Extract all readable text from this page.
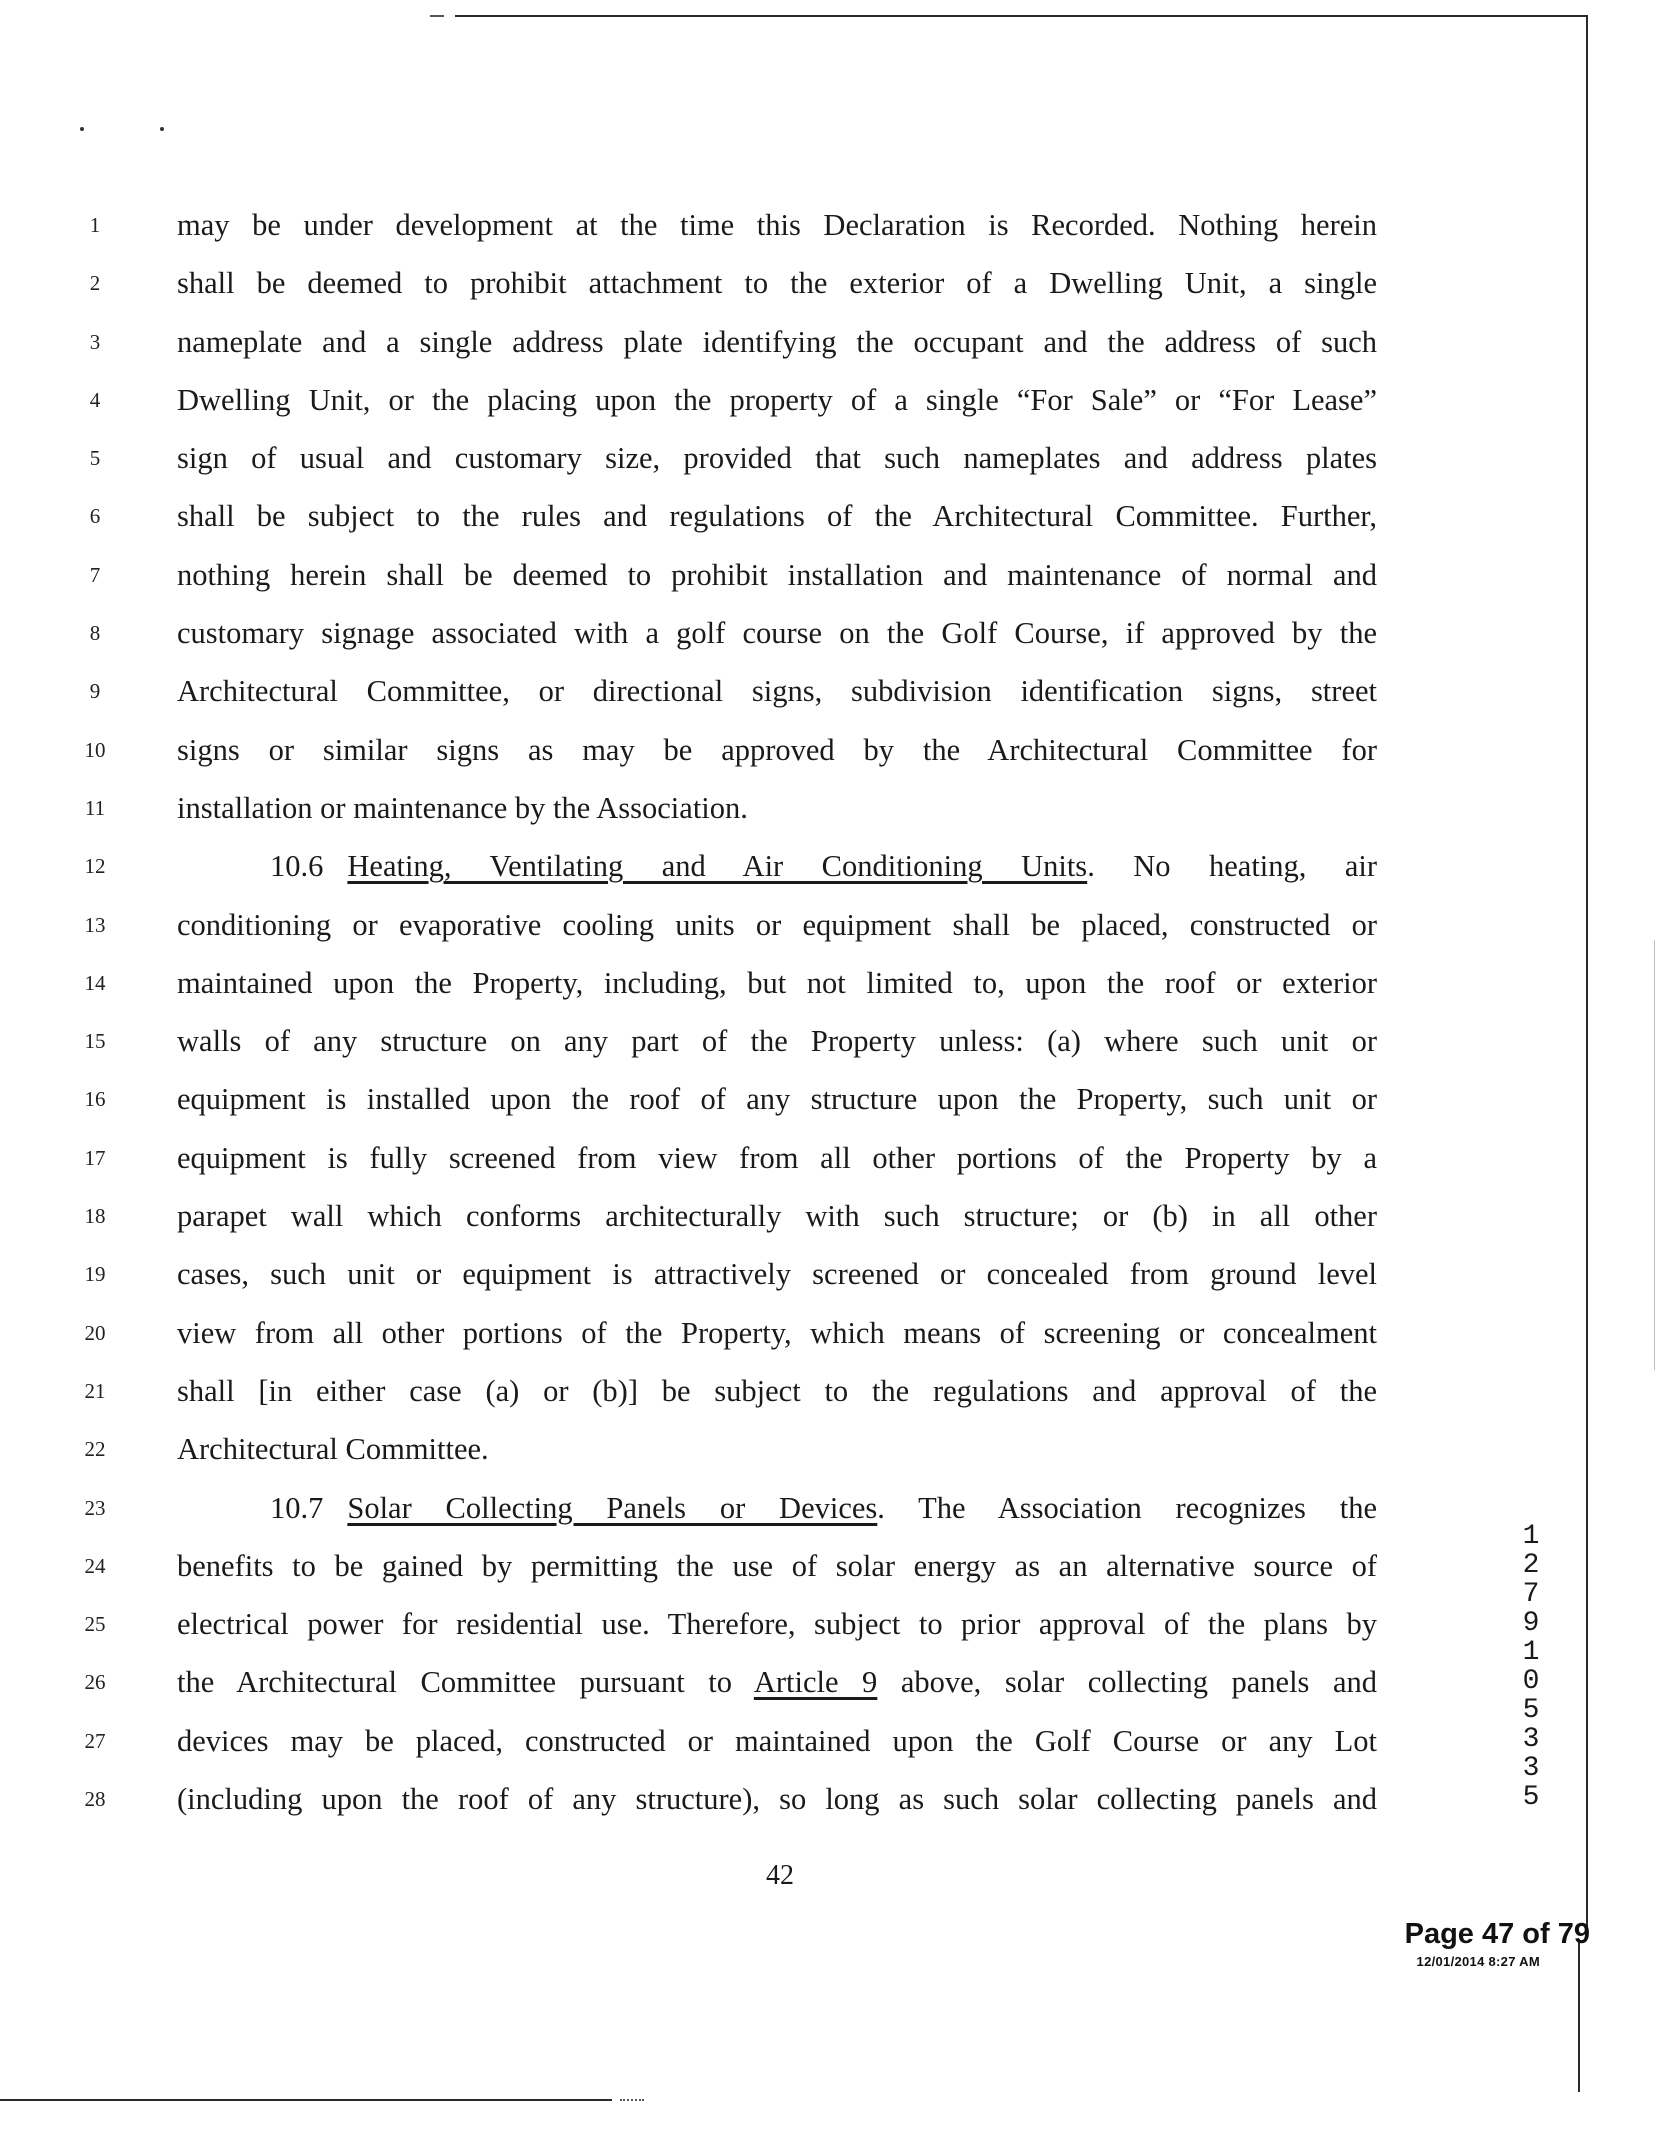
1
2
3
4
5
6
7
8
9
10
11
12
13
14
15
16
17
18
19
20
21
22
23
24
25
26
27
28
may be under development at the time this Declaration is Recorded. Nothing herein
shall be deemed to prohibit attachment to the exterior of a Dwelling Unit, a single
nameplate and a single address plate identifying the occupant and the address of such
Dwelling Unit, or the placing upon the property of a single “For Sale” or “For Lease”
sign of usual and customary size, provided that such nameplates and address plates
shall be subject to the rules and regulations of the Architectural Committee. Further,
nothing herein shall be deemed to prohibit installation and maintenance of normal and
customary signage associated with a golf course on the Golf Course, if approved by the
Architectural Committee, or directional signs, subdivision identification signs, street
signs or similar signs as may be approved by the Architectural Committee for
installation or maintenance by the Association.
10.6 Heating, Ventilating and Air Conditioning Units. No heating, air
conditioning or evaporative cooling units or equipment shall be placed, constructed or
maintained upon the Property, including, but not limited to, upon the roof or exterior
walls of any structure on any part of the Property unless: (a) where such unit or
equipment is installed upon the roof of any structure upon the Property, such unit or
equipment is fully screened from view from all other portions of the Property by a
parapet wall which conforms architecturally with such structure; or (b) in all other
cases, such unit or equipment is attractively screened or concealed from ground level
view from all other portions of the Property, which means of screening or concealment
shall [in either case (a) or (b)] be subject to the regulations and approval of the
Architectural Committee.
10.7 Solar Collecting Panels or Devices. The Association recognizes the
benefits to be gained by permitting the use of solar energy as an alternative source of
electrical power for residential use. Therefore, subject to prior approval of the plans by
the Architectural Committee pursuant to Article 9 above, solar collecting panels and
devices may be placed, constructed or maintained upon the Golf Course or any Lot
(including upon the roof of any structure), so long as such solar collecting panels and
42
1
2
7
9
1
0
5
3
3
5
Page 47 of 79
12/01/2014 8:27 AM
